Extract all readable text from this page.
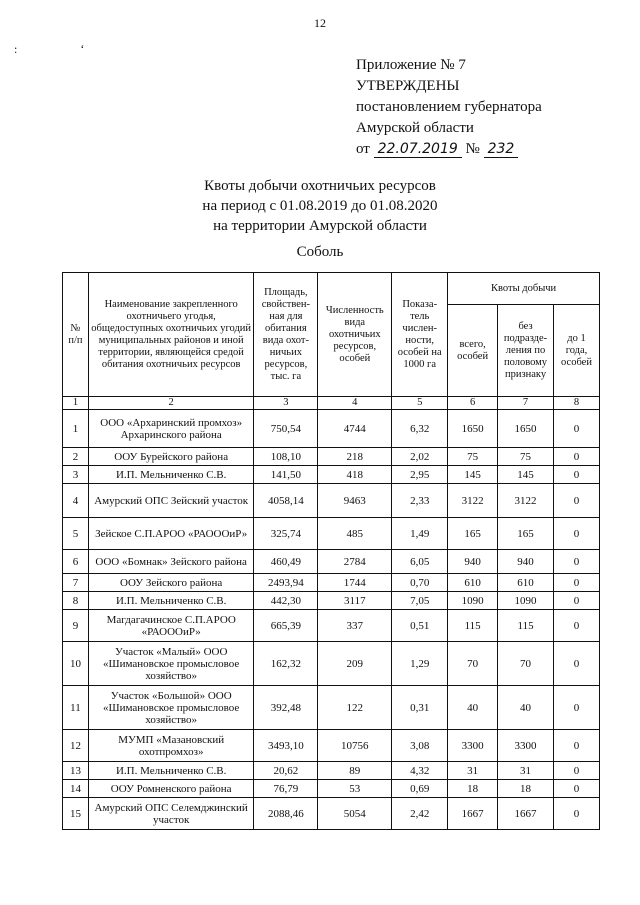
12
: ‘
Приложение № 7
УТВЕРЖДЕНЫ
постановлением губернатора
Амурской области
от 22.07.2019 № 232
Квоты добычи охотничьих ресурсов
на период с 01.08.2019 до 01.08.2020
на территории Амурской области
Соболь
№ п/п	Наименование закрепленного охотничьего угодья, общедоступных охотничьих угодий муниципальных районов и иной территории, являющейся средой обитания охотничьих ресурсов	Площадь, свойствен-ная для обитания вида охот-ничьих ресурсов, тыс. га	Численность вида охотничьих ресурсов, особей	Показа-тель числен-ности, особей на 1000 га	Квоты добычи		
					всего, особей	без подразде-ления по половому признаку	до 1 года, особей
1	2	3	4	5	6	7	8
1	ООО «Архаринский промхоз» Архаринского района	750,54	4744	6,32	1650	1650	0
2	ООУ Бурейского района	108,10	218	2,02	75	75	0
3	И.П. Мельниченко С.В.	141,50	418	2,95	145	145	0
4	Амурский ОПС Зейский участок	4058,14	9463	2,33	3122	3122	0
5	Зейское С.П.АРОО «РАОООиР»	325,74	485	1,49	165	165	0
6	ООО «Бомнак» Зейского района	460,49	2784	6,05	940	940	0
7	ООУ Зейского района	2493,94	1744	0,70	610	610	0
8	И.П. Мельниченко С.В.	442,30	3117	7,05	1090	1090	0
9	Магдагачинское С.П.АРОО «РАОООиР»	665,39	337	0,51	115	115	0
10	Участок «Малый» ООО «Шимановское промысловое хозяйство»	162,32	209	1,29	70	70	0
11	Участок «Большой» ООО «Шимановское промысловое хозяйство»	392,48	122	0,31	40	40	0
12	МУМП «Мазановский охотпромхоз»	3493,10	10756	3,08	3300	3300	0
13	И.П. Мельниченко С.В.	20,62	89	4,32	31	31	0
14	ООУ Ромненского района	76,79	53	0,69	18	18	0
15	Амурский ОПС Селемджинский участок	2088,46	5054	2,42	1667	1667	0
